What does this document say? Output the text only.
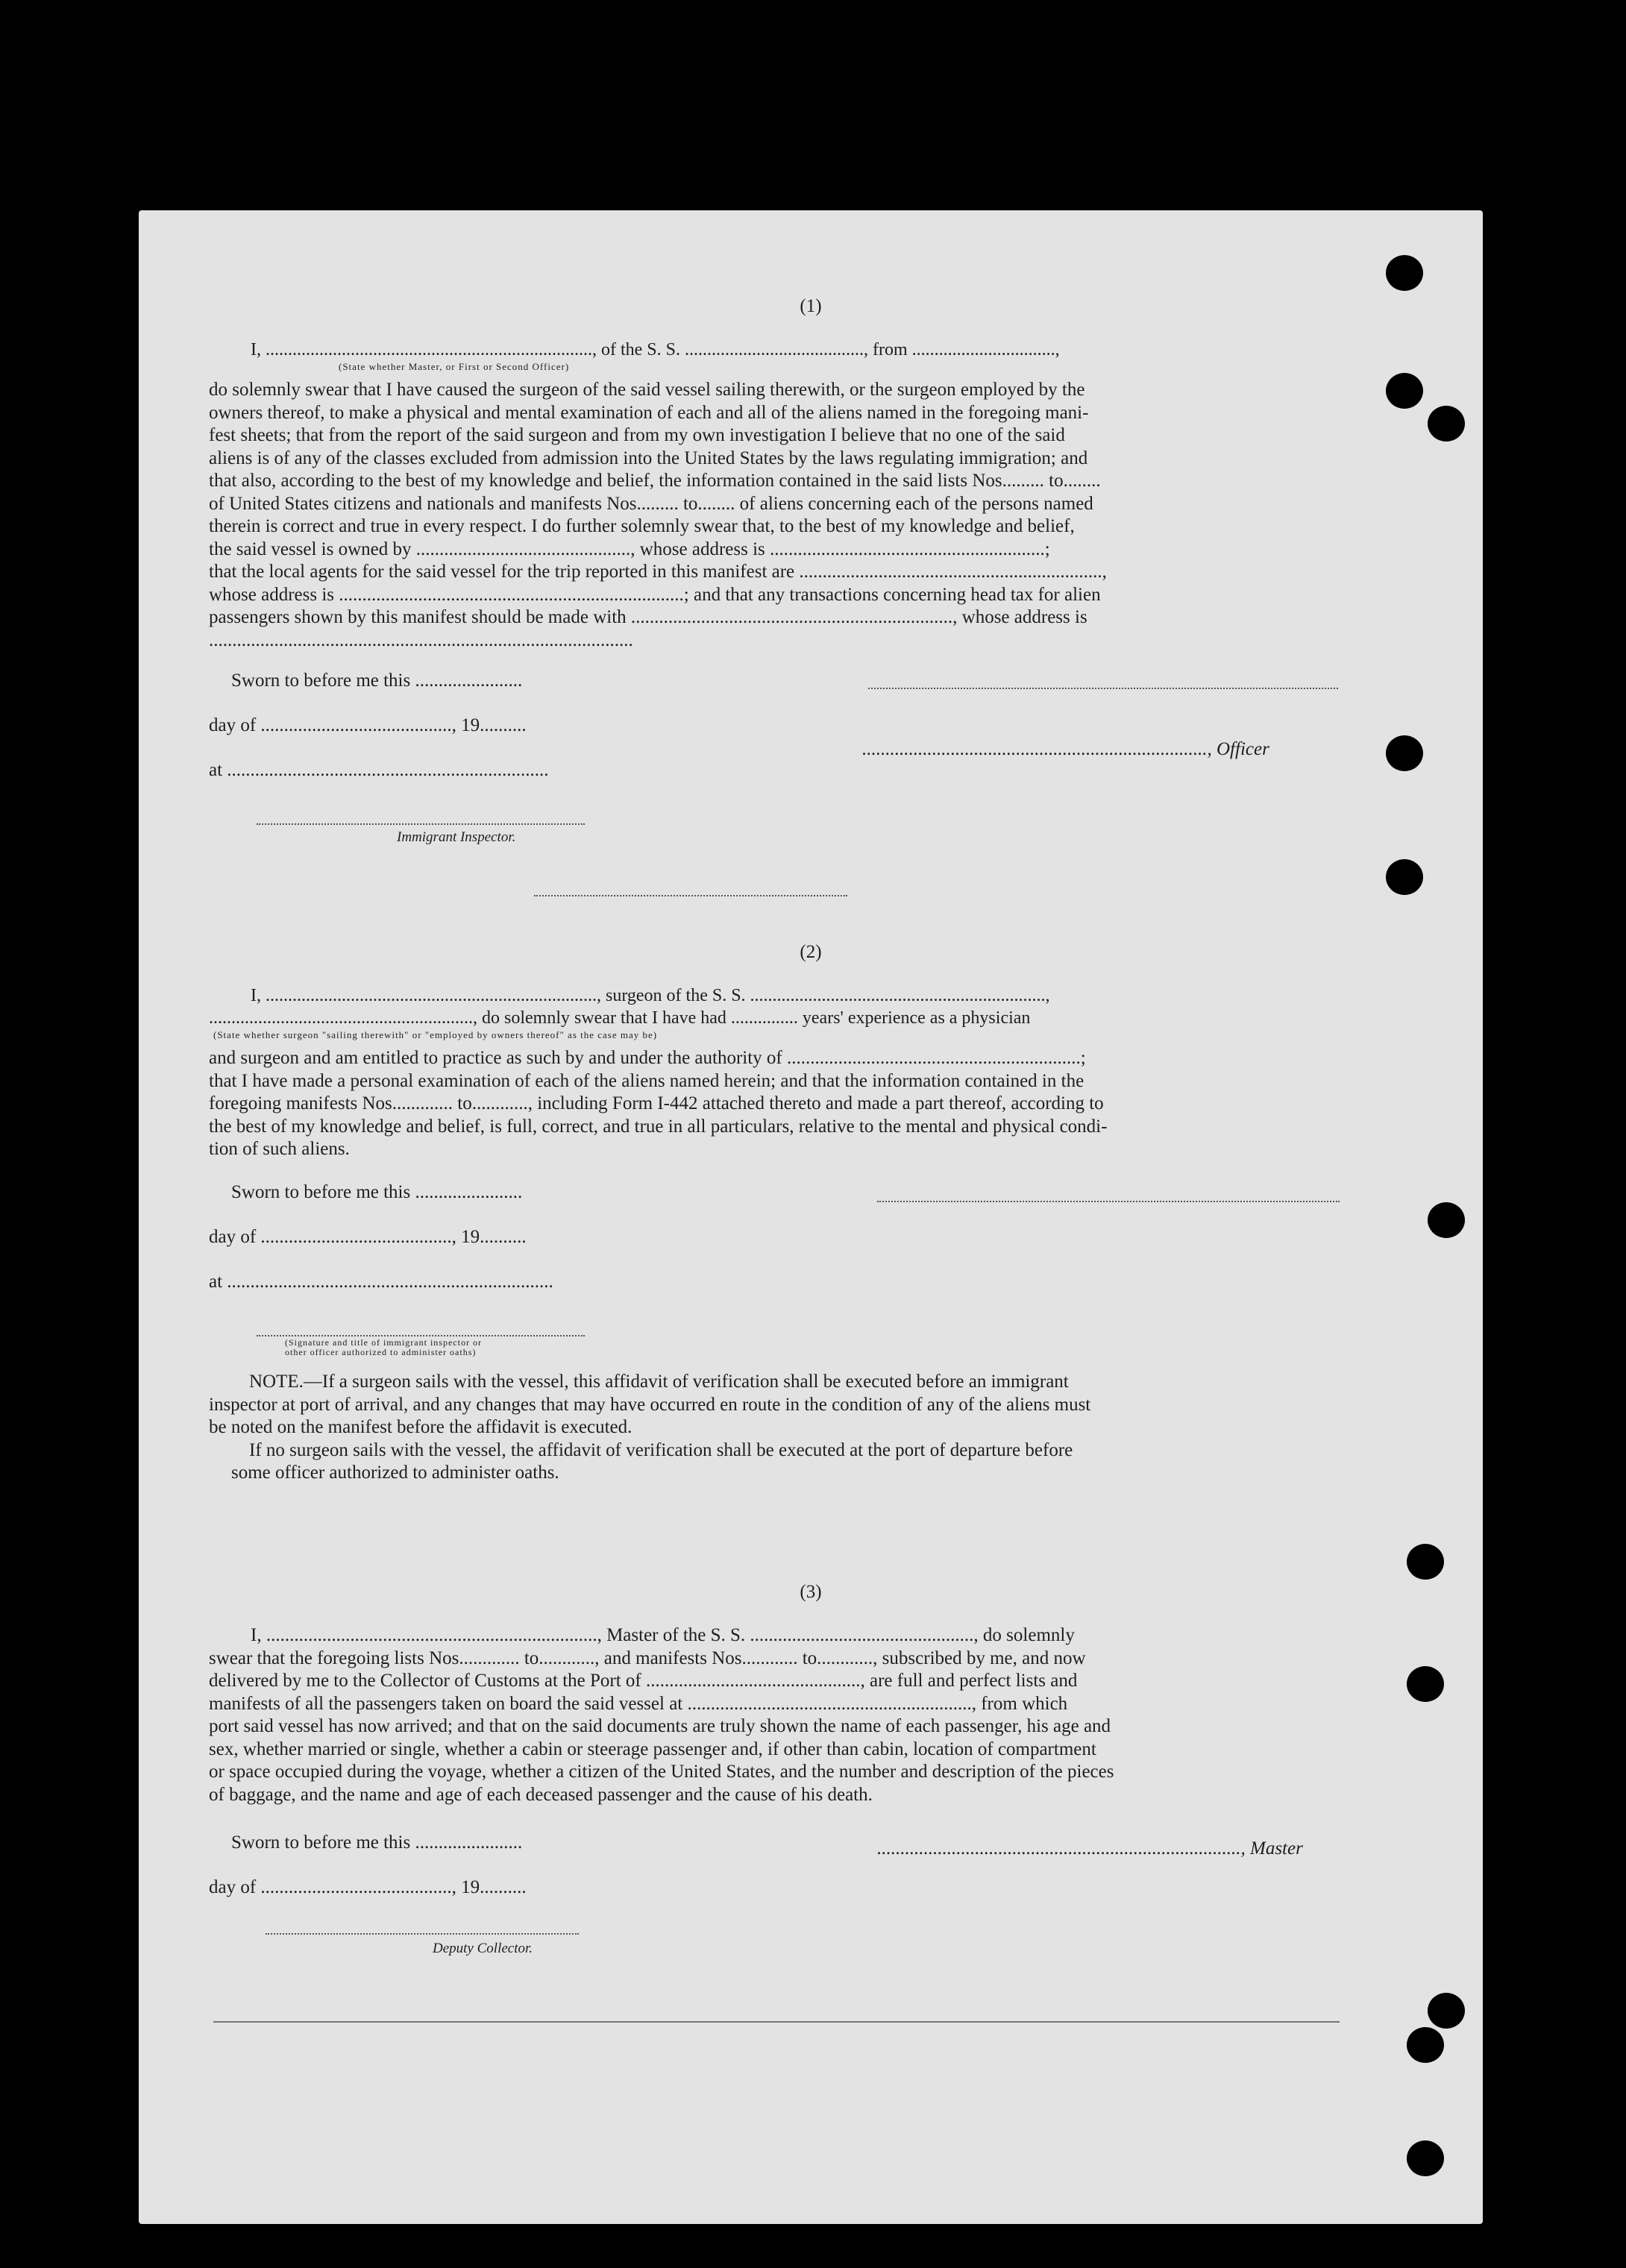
(1)

I, ........................................................................., of the S. S. ........................................, from ................................,

(State whether Master, or First or Second Officer)

do solemnly swear that I have caused the surgeon of the said vessel sailing therewith, or the surgeon employed by the

owners thereof, to make a physical and mental examination of each and all of the aliens named in the foregoing mani-

fest sheets; that from the report of the said surgeon and from my own investigation I believe that no one of the said

aliens is of any of the classes excluded from admission into the United States by the laws regulating immigration; and

that also, according to the best of my knowledge and belief, the information contained in the said lists Nos......... to........

of United States citizens and nationals and manifests Nos......... to........ of aliens concerning each of the persons named

therein is correct and true in every respect. I do further solemnly swear that, to the best of my knowledge and belief,

the said vessel is owned by .............................................., whose address is ...........................................................;

that the local agents for the said vessel for the trip reported in this manifest are .................................................................,

whose address is ..........................................................................; and that any transactions concerning head tax for alien

passengers shown by this manifest should be made with ....................................................................., whose address is

...........................................................................................

Sworn to before me this .......................

day of ........................................., 19..........

.........................................................................., Officer

at .....................................................................

Immigrant Inspector.

(2)

I, .........................................................................., surgeon of the S. S. ..................................................................,

..........................................................., do solemnly swear that I have had ............... years' experience as a physician

(State whether surgeon "sailing therewith" or "employed by owners thereof" as the case may be)

and surgeon and am entitled to practice as such by and under the authority of ...............................................................;

that I have made a personal examination of each of the aliens named herein; and that the information contained in the

foregoing manifests Nos............. to............, including Form I-442 attached thereto and made a part thereof, according to

the best of my knowledge and belief, is full, correct, and true in all particulars, relative to the mental and physical condi-

tion of such aliens.

Sworn to before me this .......................

day of ........................................., 19..........

at ......................................................................

(Signature and title of immigrant inspector or

other officer authorized to administer oaths)

NOTE.—If a surgeon sails with the vessel, this affidavit of verification shall be executed before an immigrant

inspector at port of arrival, and any changes that may have occurred en route in the condition of any of the aliens must

be noted on the manifest before the affidavit is executed.

If no surgeon sails with the vessel, the affidavit of verification shall be executed at the port of departure before

some officer authorized to administer oaths.

(3)

I, ......................................................................., Master of the S. S. ................................................, do solemnly

swear that the foregoing lists Nos............. to............, and manifests Nos............ to............, subscribed by me, and now

delivered by me to the Collector of Customs at the Port of .............................................., are full and perfect lists and

manifests of all the passengers taken on board the said vessel at ............................................................., from which

port said vessel has now arrived; and that on the said documents are truly shown the name of each passenger, his age and

sex, whether married or single, whether a cabin or steerage passenger and, if other than cabin, location of compartment

or space occupied during the voyage, whether a citizen of the United States, and the number and description of the pieces

of baggage, and the name and age of each deceased passenger and the cause of his death.

Sworn to before me this .......................	.............................................................................., Master

day of ........................................., 19..........

Deputy Collector.
